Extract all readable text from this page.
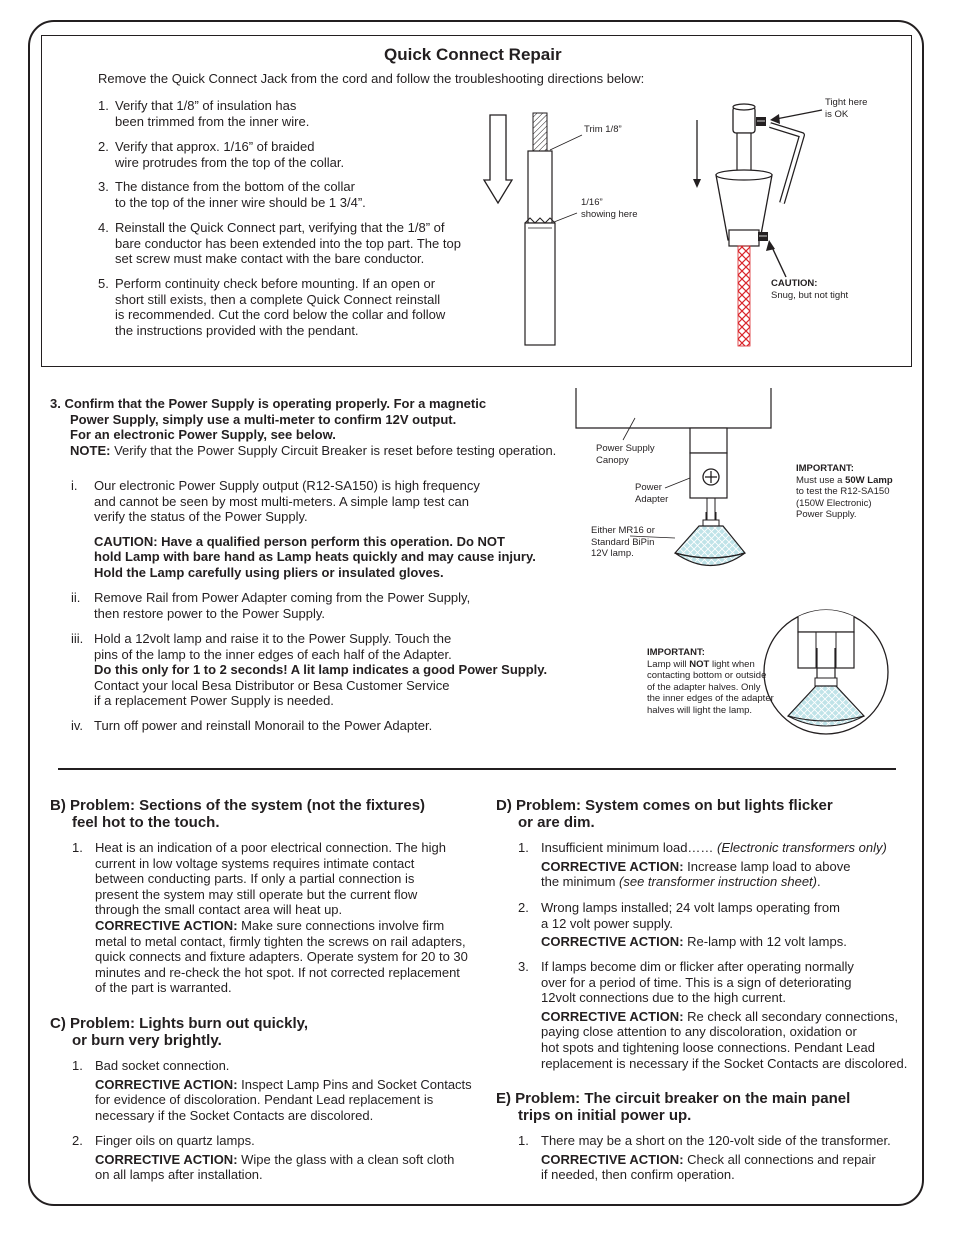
Quick Connect Repair
Remove the Quick Connect Jack from the cord and follow the troubleshooting directions below:
1. Verify that 1/8” of insulation has
been trimmed from the inner wire.
2. Verify that approx. 1/16” of braided
wire protrudes from the top of the collar.
3. The distance from the bottom of the collar
to the top of the inner wire should be 1 3/4”.
4. Reinstall the Quick Connect part, verifying that the 1/8” of
bare conductor has been extended into the top part. The top
set screw must make contact with the bare conductor.
5. Perform continuity check before mounting. If an open or
short still exists, then a complete Quick Connect reinstall
is recommended. Cut the cord below the collar and follow
the instructions provided with the pendant.
Trim 1/8”
1/16”
showing here
Tight here
is OK
CAUTION:
Snug, but not tight
3. Confirm that the Power Supply is operating properly. For a magnetic
Power Supply, simply use a multi-meter to confirm 12V output.
For an electronic Power Supply, see below.
NOTE: Verify that the Power Supply Circuit Breaker is reset before testing operation.
i. Our electronic Power Supply output (R12-SA150) is high frequency
and cannot be seen by most multi-meters. A simple lamp test can
verify the status of the Power Supply.
CAUTION: Have a qualified person perform this operation. Do NOT
hold Lamp with bare hand as Lamp heats quickly and may cause injury.
Hold the Lamp carefully using pliers or insulated gloves.
ii. Remove Rail from Power Adapter coming from the Power Supply,
then restore power to the Power Supply.
iii. Hold a 12volt lamp and raise it to the Power Supply. Touch the
pins of the lamp to the inner edges of each half of the Adapter.
Do this only for 1 to 2 seconds! A lit lamp indicates a good Power Supply.
Contact your local Besa Distributor or Besa Customer Service
if a replacement Power Supply is needed.
iv. Turn off power and reinstall Monorail to the Power Adapter.
Power Supply
Canopy
Power
Adapter
Either MR16 or
Standard BiPin
12V lamp.
IMPORTANT:
Must use a 50W Lamp
to test the R12-SA150
(150W Electronic)
Power Supply.
IMPORTANT:
Lamp will NOT light when
contacting bottom or outside
of the adapter halves. Only
the inner edges of the adapter
halves will light the lamp.
B) Problem: Sections of the system (not the fixtures)
feel hot to the touch.
1. Heat is an indication of a poor electrical connection. The high
current in low voltage systems requires intimate contact
between conducting parts. If only a partial connection is
present the system may still operate but the current flow
through the small contact area will heat up.
CORRECTIVE ACTION: Make sure connections involve firm
metal to metal contact, firmly tighten the screws on rail adapters,
quick connects and fixture adapters. Operate system for 20 to 30
minutes and re-check the hot spot. If not corrected replacement
of the part is warranted.
C) Problem: Lights burn out quickly,
or burn very brightly.
1. Bad socket connection.
CORRECTIVE ACTION: Inspect Lamp Pins and Socket Contacts
for evidence of discoloration. Pendant Lead replacement is
necessary if the Socket Contacts are discolored.
2. Finger oils on quartz lamps.
CORRECTIVE ACTION: Wipe the glass with a clean soft cloth
on all lamps after installation.
D) Problem: System comes on but lights flicker
or are dim.
1. Insufficient minimum load…… (Electronic transformers only)
CORRECTIVE ACTION: Increase lamp load to above
the minimum (see transformer instruction sheet).
2. Wrong lamps installed; 24 volt lamps operating from
a 12 volt power supply.
CORRECTIVE ACTION: Re-lamp with 12 volt lamps.
3. If lamps become dim or flicker after operating normally
over for a period of time. This is a sign of deteriorating
12volt connections due to the high current.
CORRECTIVE ACTION: Re check all secondary connections,
paying close attention to any discoloration, oxidation or
hot spots and tightening loose connections. Pendant Lead
replacement is necessary if the Socket Contacts are discolored.
E) Problem: The circuit breaker on the main panel
trips on initial power up.
1. There may be a short on the 120-volt side of the transformer.
CORRECTIVE ACTION: Check all connections and repair
if needed, then confirm operation.
